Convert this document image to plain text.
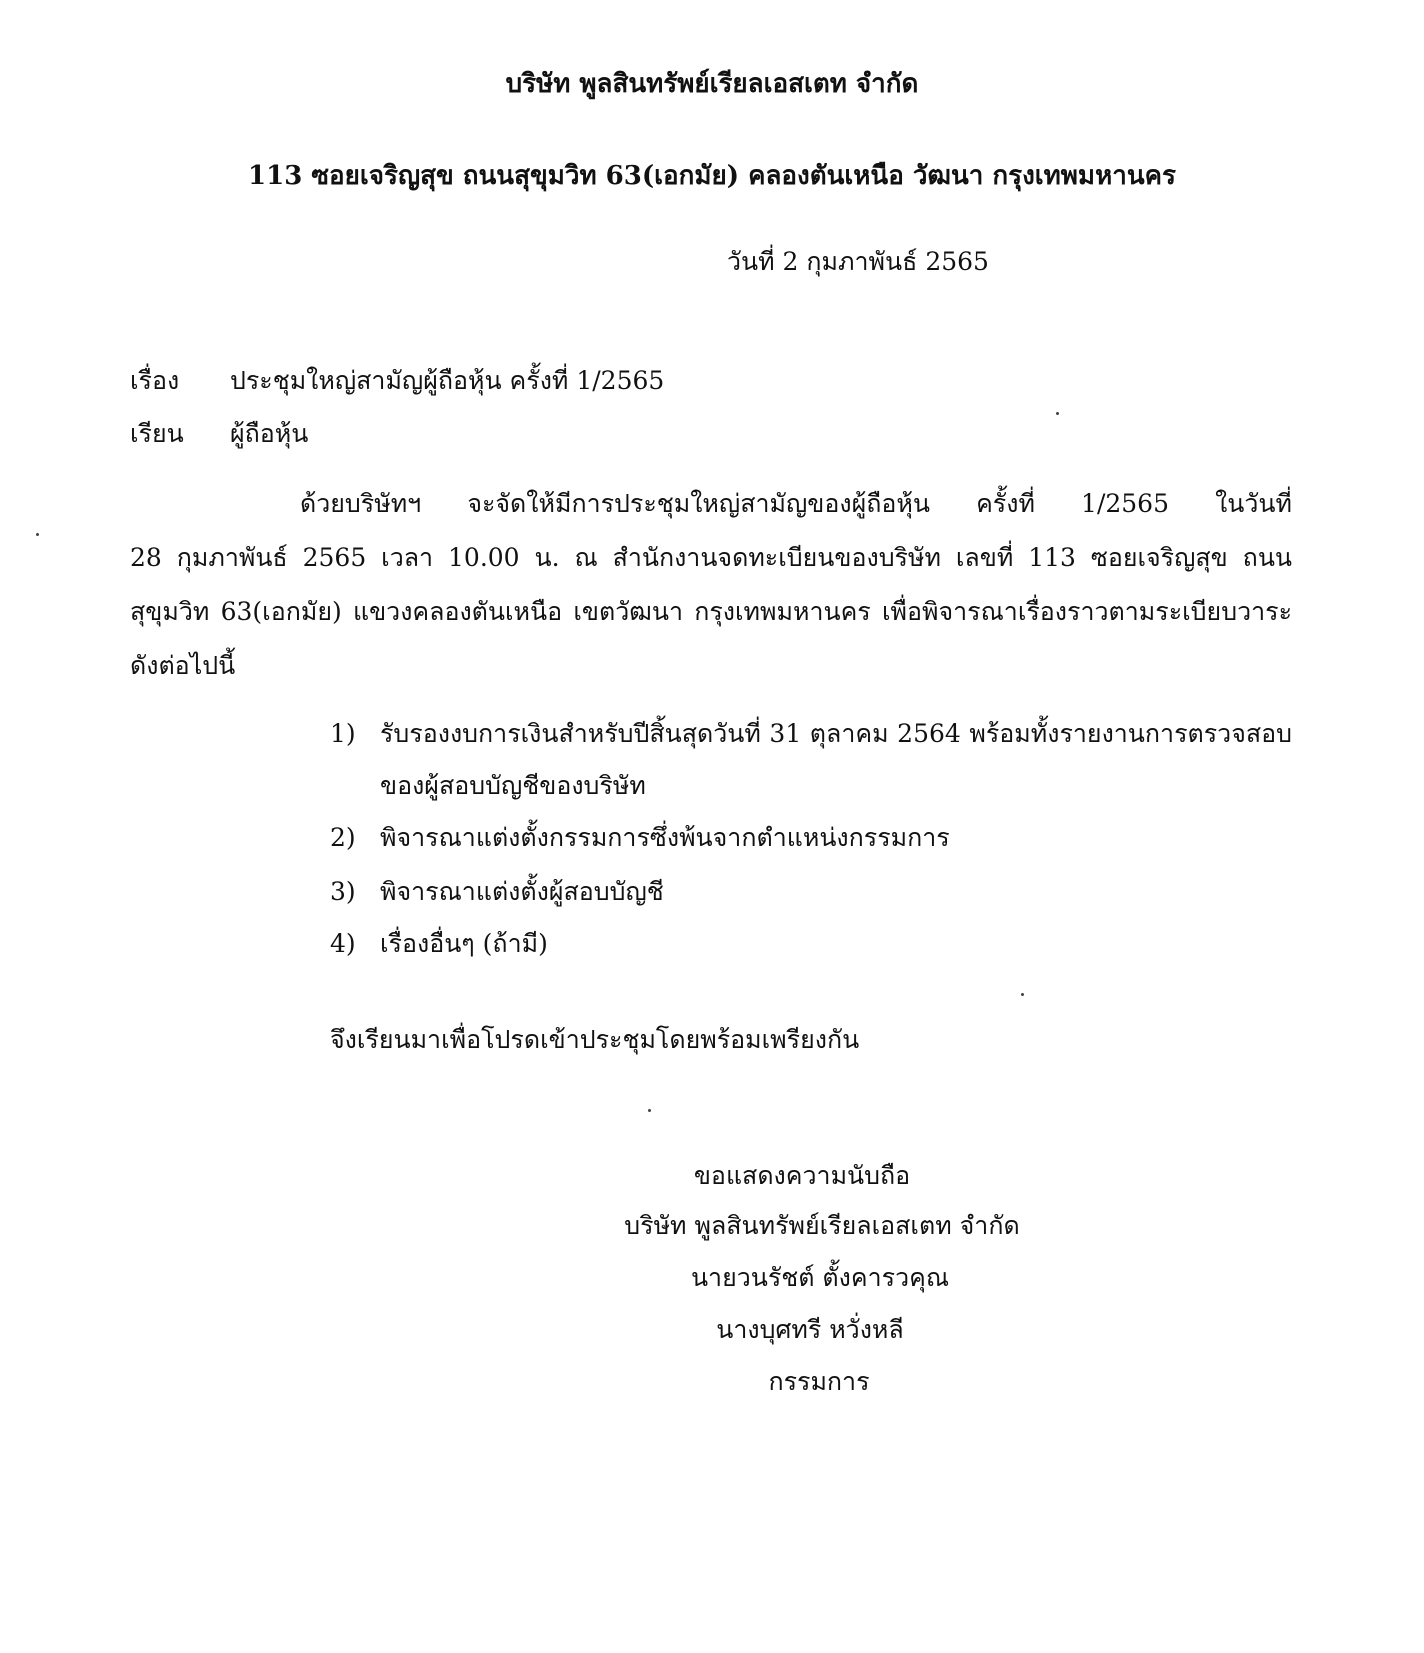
บริษัท พูลสินทรัพย์เรียลเอสเตท จำกัด
113 ซอยเจริญสุข ถนนสุขุมวิท 63(เอกมัย) คลองตันเหนือ วัฒนา กรุงเทพมหานคร
วันที่ 2 กุมภาพันธ์ 2565
เรื่อง ประชุมใหญ่สามัญผู้ถือหุ้น ครั้งที่ 1/2565
เรียน ผู้ถือหุ้น
ด้วยบริษัทฯ จะจัดให้มีการประชุมใหญ่สามัญของผู้ถือหุ้น ครั้งที่ 1/2565 ในวันที่
28 กุมภาพันธ์ 2565 เวลา 10.00 น. ณ สำนักงานจดทะเบียนของบริษัท เลขที่ 113 ซอยเจริญสุข ถนน
สุขุมวิท 63(เอกมัย) แขวงคลองตันเหนือ เขตวัฒนา กรุงเทพมหานคร เพื่อพิจารณาเรื่องราวตามระเบียบวาระ
ดังต่อไปนี้
1) รับรองงบการเงินสำหรับปีสิ้นสุดวันที่ 31 ตุลาคม 2564 พร้อมทั้งรายงานการตรวจสอบ
ของผู้สอบบัญชีของบริษัท
2) พิจารณาแต่งตั้งกรรมการซึ่งพ้นจากตำแหน่งกรรมการ
3) พิจารณาแต่งตั้งผู้สอบบัญชี
4) เรื่องอื่นๆ (ถ้ามี)
จึงเรียนมาเพื่อโปรดเข้าประชุมโดยพร้อมเพรียงกัน
ขอแสดงความนับถือ
บริษัท พูลสินทรัพย์เรียลเอสเตท จำกัด
นายวนรัชต์ ตั้งคารวคุณ
นางบุศทรี หวั่งหลี
กรรมการ
